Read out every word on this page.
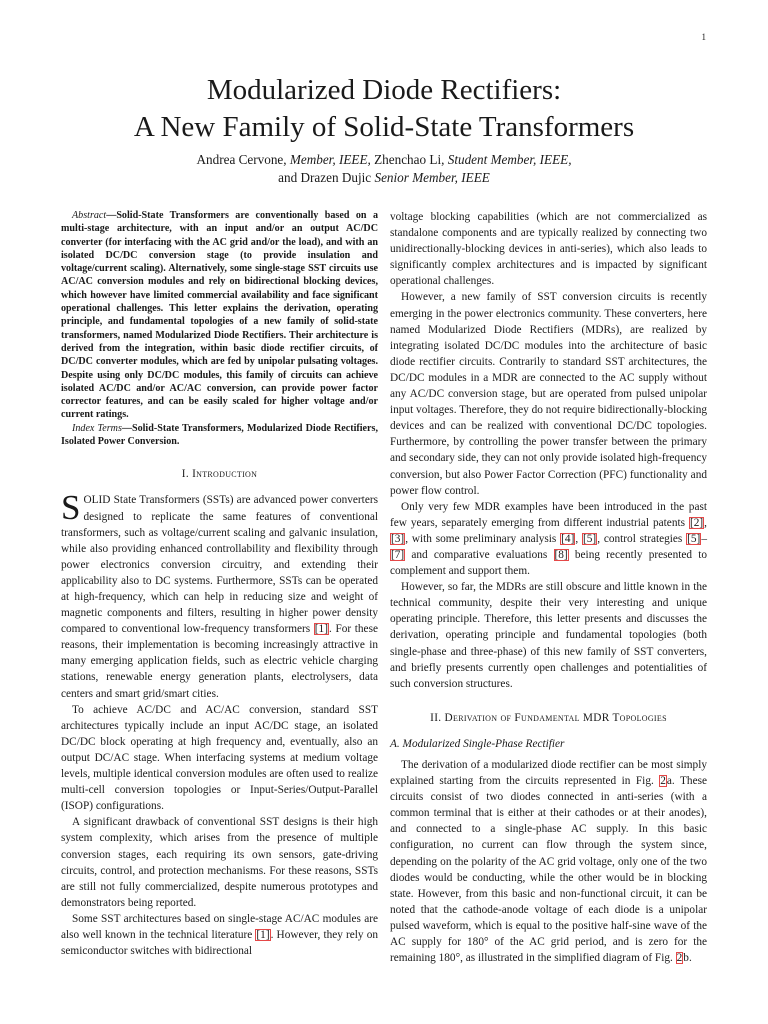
1
Modularized Diode Rectifiers:
A New Family of Solid-State Transformers
Andrea Cervone, Member, IEEE, Zhenchao Li, Student Member, IEEE,
and Drazen Dujic Senior Member, IEEE

Abstract—Solid-State Transformers are conventionally based on a multi-stage architecture, with an input and/or an output AC/DC converter (for interfacing with the AC grid and/or the load), and with an isolated DC/DC conversion stage (to provide insulation and voltage/current scaling). Alternatively, some single-stage SST circuits use AC/AC conversion modules and rely on bidirectional blocking devices, which however have limited commercial availability and face significant operational challenges. This letter explains the derivation, operating principle, and fundamental topologies of a new family of solid-state transformers, named Modularized Diode Rectifiers. Their architecture is derived from the integration, within basic diode rectifier circuits, of DC/DC converter modules, which are fed by unipolar pulsating voltages. Despite using only DC/DC modules, this family of circuits can achieve isolated AC/DC and/or AC/AC conversion, can provide power factor corrector features, and can be easily scaled for higher voltage and/or current ratings.

Index Terms—Solid-State Transformers, Modularized Diode Rectifiers, Isolated Power Conversion.

I. Introduction

SOLID State Transformers (SSTs) are advanced power converters designed to replicate the same features of conventional transformers, such as voltage/current scaling and galvanic insulation, while also providing enhanced controllability and flexibility through power electronics conversion circuitry, and extending their applicability also to DC systems. Furthermore, SSTs can be operated at high-frequency, which can help in reducing size and weight of magnetic components and filters, resulting in higher power density compared to conventional low-frequency transformers [1]. For these reasons, their implementation is becoming increasingly attractive in many emerging application fields, such as electric vehicle charging stations, renewable energy generation plants, electrolysers, data centers and smart grid/smart cities.

To achieve AC/DC and AC/AC conversion, standard SST architectures typically include an input AC/DC stage, an isolated DC/DC block operating at high frequency and, eventually, also an output DC/AC stage. When interfacing systems at medium voltage levels, multiple identical conversion modules are often used to realize multi-cell conversion topologies or Input-Series/Output-Parallel (ISOP) configurations.

A significant drawback of conventional SST designs is their high system complexity, which arises from the presence of multiple conversion stages, each requiring its own sensors, gate-driving circuits, control, and protection mechanisms. For these reasons, SSTs are still not fully commercialized, despite numerous prototypes and demonstrators being reported.

Some SST architectures based on single-stage AC/AC modules are also well known in the technical literature [1]. However, they rely on semiconductor switches with bidirectional

voltage blocking capabilities (which are not commercialized as standalone components and are typically realized by connecting two unidirectionally-blocking devices in anti-series), which also leads to significantly complex architectures and is impacted by significant operational challenges.

However, a new family of SST conversion circuits is recently emerging in the power electronics community. These converters, here named Modularized Diode Rectifiers (MDRs), are realized by integrating isolated DC/DC modules into the architecture of basic diode rectifier circuits. Contrarily to standard SST architectures, the DC/DC modules in a MDR are connected to the AC supply without any AC/DC conversion stage, but are operated from pulsed unipolar input voltages. Therefore, they do not require bidirectionally-blocking devices and can be realized with conventional DC/DC topologies. Furthermore, by controlling the power transfer between the primary and secondary side, they can not only provide isolated high-frequency conversion, but also Power Factor Correction (PFC) functionality and power flow control.

Only very few MDR examples have been introduced in the past few years, separately emerging from different industrial patents [2], [3], with some preliminary analysis [4], [5], control strategies [5]–[7] and comparative evaluations [8] being recently presented to complement and support them.

However, so far, the MDRs are still obscure and little known in the technical community, despite their very interesting and unique operating principle. Therefore, this letter presents and discusses the derivation, operating principle and fundamental topologies (both single-phase and three-phase) of this new family of SST converters, and briefly presents currently open challenges and potentialities of such conversion structures.

II. Derivation of Fundamental MDR Topologies
A. Modularized Single-Phase Rectifier

The derivation of a modularized diode rectifier can be most simply explained starting from the circuits represented in Fig. 2a. These circuits consist of two diodes connected in anti-series (with a common terminal that is either at their cathodes or at their anodes), and connected to a single-phase AC supply. In this basic configuration, no current can flow through the system since, depending on the polarity of the AC grid voltage, only one of the two diodes would be conducting, while the other would be in blocking state. However, from this basic and non-functional circuit, it can be noted that the cathode-anode voltage of each diode is a unipolar pulsed waveform, which is equal to the positive half-sine wave of the AC supply for 180° of the AC grid period, and is zero for the remaining 180°, as illustrated in the simplified diagram of Fig. 2b.
